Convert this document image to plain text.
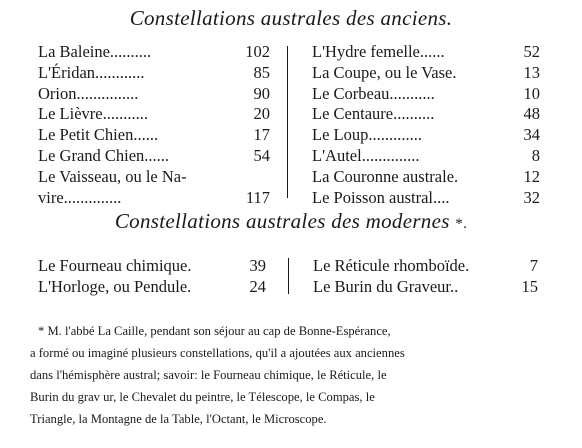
Constellations australes des anciens.
La Baleine..........	102
L'Éridan............	85
Orion...............	90
Le Lièvre...........	20
Le Petit Chien......	17
Le Grand Chien......	54
Le Vaisseau, ou le Na-
vire..............	117
L'Hydre femelle......	52
La Coupe, ou le Vase.	13
Le Corbeau...........	10
Le Centaure..........	48
Le Loup.............	34
L'Autel..............	8
La Couronne australe.	12
Le Poisson austral....	32
Constellations australes des modernes *.
Le Fourneau chimique.	39
L'Horloge, ou Pendule.	24
Le Réticule rhomboïde.	7
Le Burin du Graveur..	15
* M. l'abbé La Caille, pendant son séjour au cap de Bonne-Espérance,
a formé ou imaginé plusieurs constellations, qu'il a ajoutées aux anciennes
dans l'hémisphère austral; savoir: le Fourneau chimique, le Réticule, le
Burin du grav ur, le Chevalet du peintre, le Télescope, le Compas, le
Triangle, la Montagne de la Table, l'Octant, le Microscope.
